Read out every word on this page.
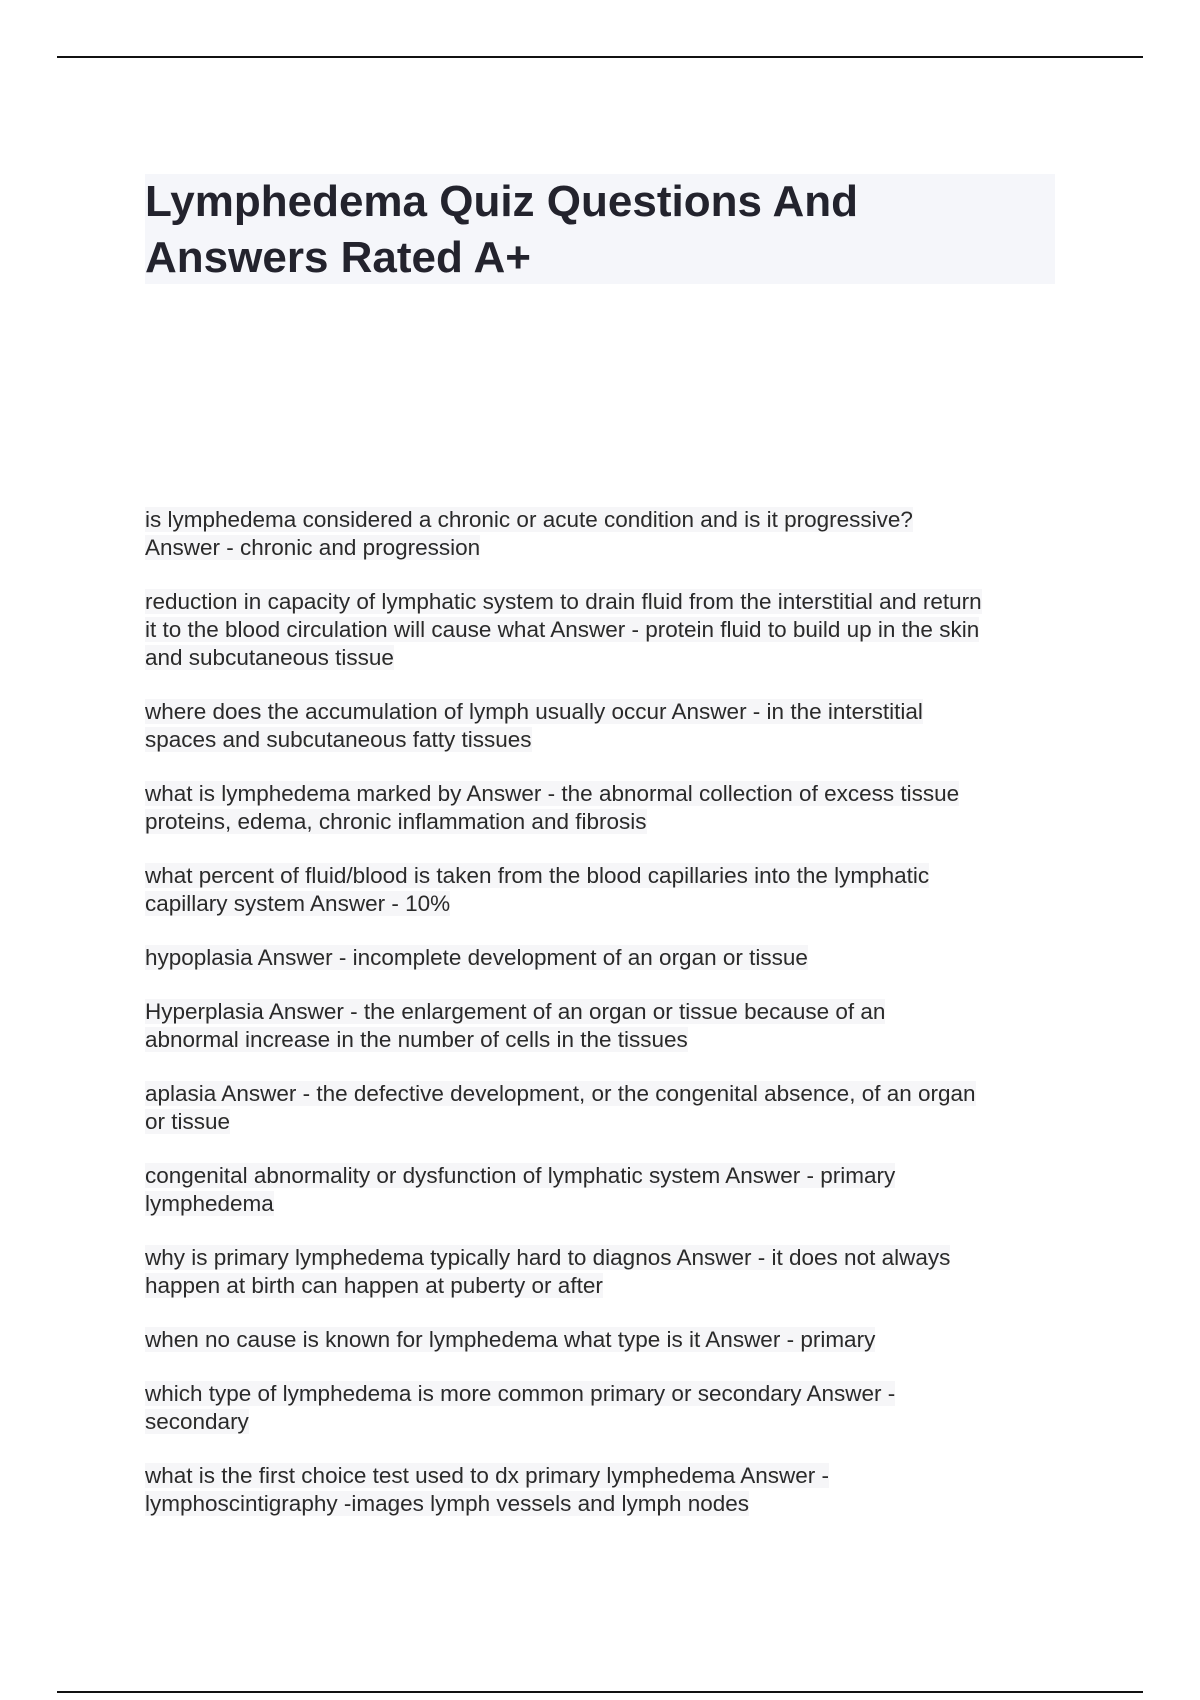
Lymphedema Quiz Questions And
Answers Rated A+

is lymphedema considered a chronic or acute condition and is it progressive?
Answer - chronic and progression

reduction in capacity of lymphatic system to drain fluid from the interstitial and return
it to the blood circulation will cause what Answer - protein fluid to build up in the skin
and subcutaneous tissue

where does the accumulation of lymph usually occur Answer - in the interstitial
spaces and subcutaneous fatty tissues

what is lymphedema marked by Answer - the abnormal collection of excess tissue
proteins, edema, chronic inflammation and fibrosis

what percent of fluid/blood is taken from the blood capillaries into the lymphatic
capillary system Answer - 10%

hypoplasia Answer - incomplete development of an organ or tissue

Hyperplasia Answer - the enlargement of an organ or tissue because of an
abnormal increase in the number of cells in the tissues

aplasia Answer - the defective development, or the congenital absence, of an organ
or tissue

congenital abnormality or dysfunction of lymphatic system Answer - primary
lymphedema

why is primary lymphedema typically hard to diagnos Answer - it does not always
happen at birth can happen at puberty or after

when no cause is known for lymphedema what type is it Answer - primary

which type of lymphedema is more common primary or secondary Answer -
secondary

what is the first choice test used to dx primary lymphedema Answer -
lymphoscintigraphy -images lymph vessels and lymph nodes
